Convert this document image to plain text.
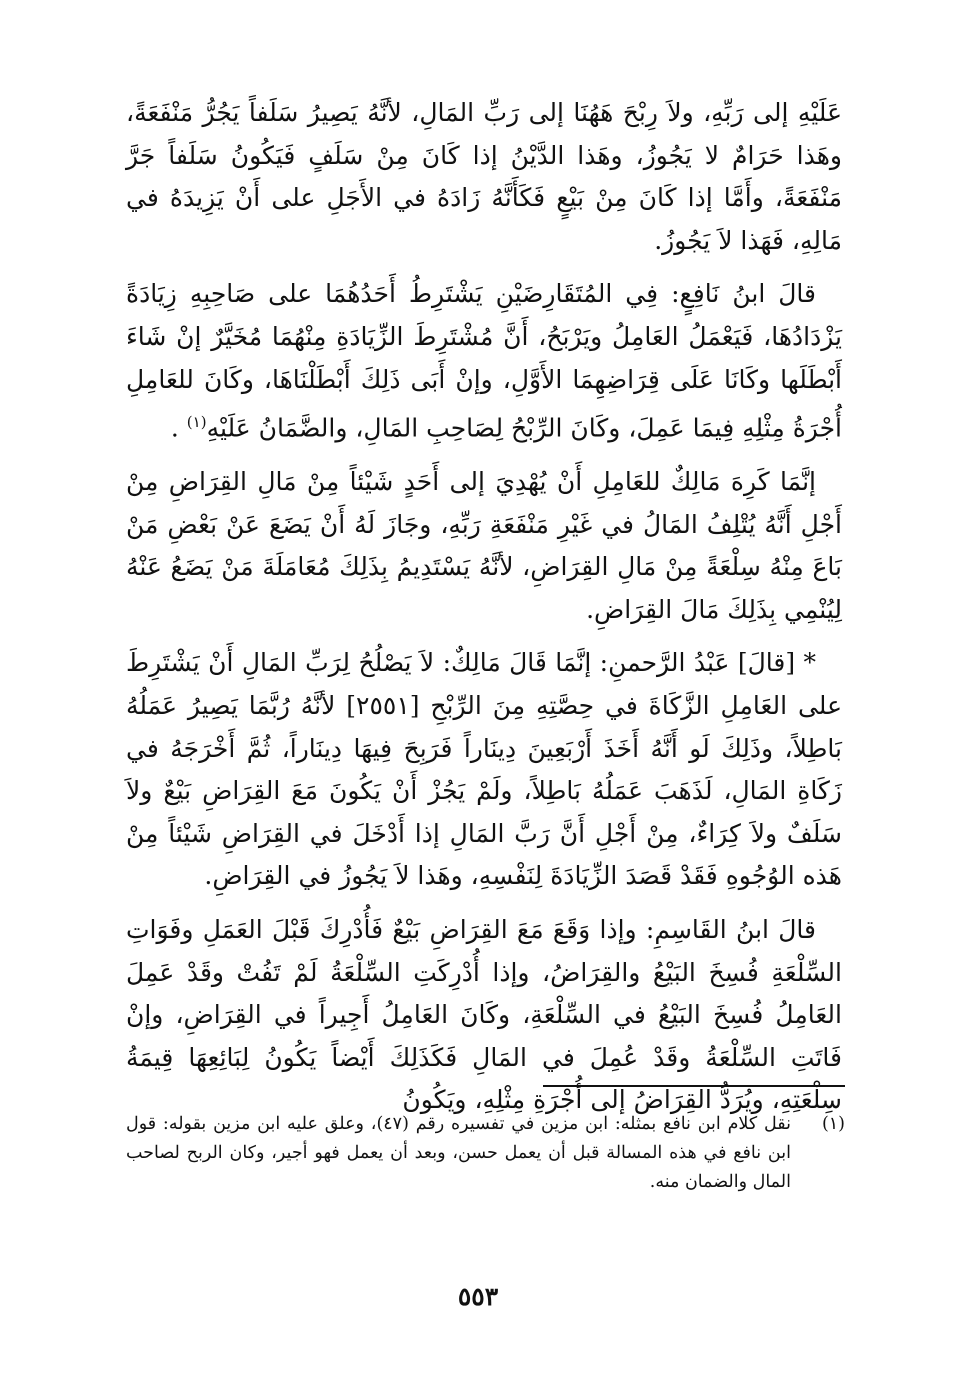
عَلَيْهِ إلى رَبِّهِ، ولاَ رِبْحَ هَهُنَا إلى رَبِّ المَالِ، لأنَّهُ يَصِيرُ سَلَفاً يَجُرُّ مَنْفَعَةً، وهَذا حَرَامٌ لا يَجُوزُ، وهَذا الدَّيْنُ إذا كَانَ مِنْ سَلَفٍ فَيَكُونُ سَلَفاً جَرَّ مَنْفَعَةً، وأَمَّا إذا كَانَ مِنْ بَيْعٍ فَكَأَنَّهُ زَادَهُ في الأَجَلِ على أَنْ يَزِيدَهُ في مَالِهِ، فَهَذا لاَ يَجُوزُ.

قالَ ابنُ نَافِعٍ: فِي المُتَقَارِضَيْنِ يَشْتَرِطُ أَحَدُهُمَا على صَاحِبِهِ زِيَادَةً يَزْدَادُهَا، فَيَعْمَلُ العَامِلُ ويَرْبَحُ، أَنَّ مُشْتَرِطَ الزِّيَادَةِ مِنْهُمَا مُخَيَّرٌ إنْ شَاءَ أَبْطَلَها وكَانَا عَلَى قِرَاضِهِمَا الأَوَّلِ، وإنْ أَبَى ذَلِكَ أَبْطَلْنَاهَا، وكَانَ للعَامِلِ أُجْرَةُ مِثْلِهِ فِيمَا عَمِلَ، وكَانَ الرِّبْحُ لِصَاحِبِ المَالِ، والضَّمَانُ عَلَيْهِ$^{(١)}$ .

إنَّمَا كَرِهَ مَالِكٌ للعَامِلِ أَنْ يُهْدِيَ إلى أَحَدٍ شَيْئاً مِنْ مَالِ القِرَاضِ مِنْ أَجْلِ أَنَّهُ يُتْلِفُ المَالُ في غَيْرِ مَنْفَعَةِ رَبِّهِ، وجَازَ لَهُ أَنْ يَضَعَ عَنْ بَعْضِ مَنْ بَاعَ مِنْهُ سِلْعَةً مِنْ مَالِ القِرَاضِ، لأنَّهُ يَسْتَدِيمُ بِذَلِكَ مُعَامَلَةَ مَنْ يَضَعُ عَنْهُ لِيُنْمِي بِذَلِكَ مَالَ القِرَاضِ.

* [قالَ] عَبْدُ الرَّحمنِ: إنَّمَا قَالَ مَالِكٌ: لاَ يَصْلُحُ لِرَبِّ المَالِ أَنْ يَشْتَرِطَ على العَامِلِ الزَّكَاةَ في حِصَّتِهِ مِنَ الرِّبْحِ [٢٥٥١] لأنَّهُ رُبَّمَا يَصِيرُ عَمَلُهُ بَاطِلاً، وذَلِكَ لَو أَنَّهُ أَخَذَ أَرْبَعِينَ دِينَاراً فَرَبِحَ فِيهَا دِينَاراً، ثُمَّ أَخْرَجَهُ في زَكَاةِ المَالِ، لَذَهَبَ عَمَلُهُ بَاطِلاً، ولَمْ يَجُزْ أَنْ يَكُونَ مَعَ القِرَاضِ بَيْعٌ ولاَ سَلَفٌ ولاَ كِرَاءٌ، مِنْ أَجْلِ أَنَّ رَبَّ المَالِ إذا أَدْخَلَ في القِرَاضِ شَيْئاً مِنْ هَذه الوُجُوهِ فَقَدْ قَصَدَ الزِّيَادَةَ لِنَفْسِهِ، وهَذا لاَ يَجُوزُ في القِرَاضِ.

قالَ ابنُ القَاسِمِ: وإذا وَقَعَ مَعَ القِرَاضِ بَيْعٌ فَأُدْرِكَ قَبْلَ العَمَلِ وفَوَاتِ السِّلْعَةِ فُسِخَ البَيْعُ والقِرَاضُ، وإذا أُدْرِكَتِ السِّلْعَةُ لَمْ تَفُتْ وقَدْ عَمِلَ العَامِلُ فُسِخَ البَيْعُ في السِّلْعَةِ، وكَانَ العَامِلُ أَجِيراً في القِرَاضِ، وإنْ فَاتَتِ السِّلْعَةُ وقَدْ عُمِلَ في المَالِ فَكَذَلِكَ أَيْضاً يَكُونُ لِبَائِعِهَا قِيمَةُ سِلْعَتِهِ، ويُرَدُّ القِرَاضُ إلى أُجْرَةِ مِثْلِهِ، ويَكُونُ

(١)
نقل كلام ابن نافع بمثله: ابن مزين في تفسيره رقم (٤٧)، وعلق عليه ابن مزين بقوله: قول ابن نافع في هذه المسالة قبل أن يعمل حسن، وبعد أن يعمل فهو أجير، وكان الربح لصاحب المال والضمان منه.
٥٥٣
